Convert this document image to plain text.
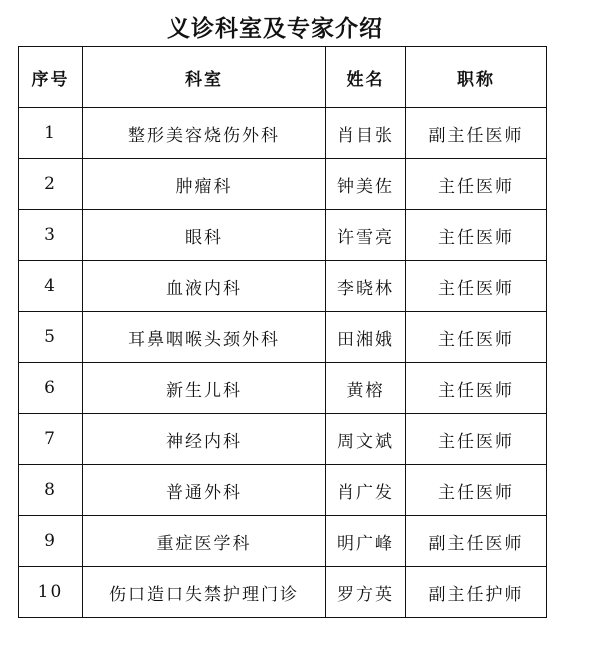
义诊科室及专家介绍
序号	科室	姓名	职称
1	整形美容烧伤外科	肖目张	副主任医师
2	肿瘤科	钟美佐	主任医师
3	眼科	许雪亮	主任医师
4	血液内科	李晓林	主任医师
5	耳鼻咽喉头颈外科	田湘娥	主任医师
6	新生儿科	黄榕	主任医师
7	神经内科	周文斌	主任医师
8	普通外科	肖广发	主任医师
9	重症医学科	明广峰	副主任医师
10	伤口造口失禁护理门诊	罗方英	副主任护师
